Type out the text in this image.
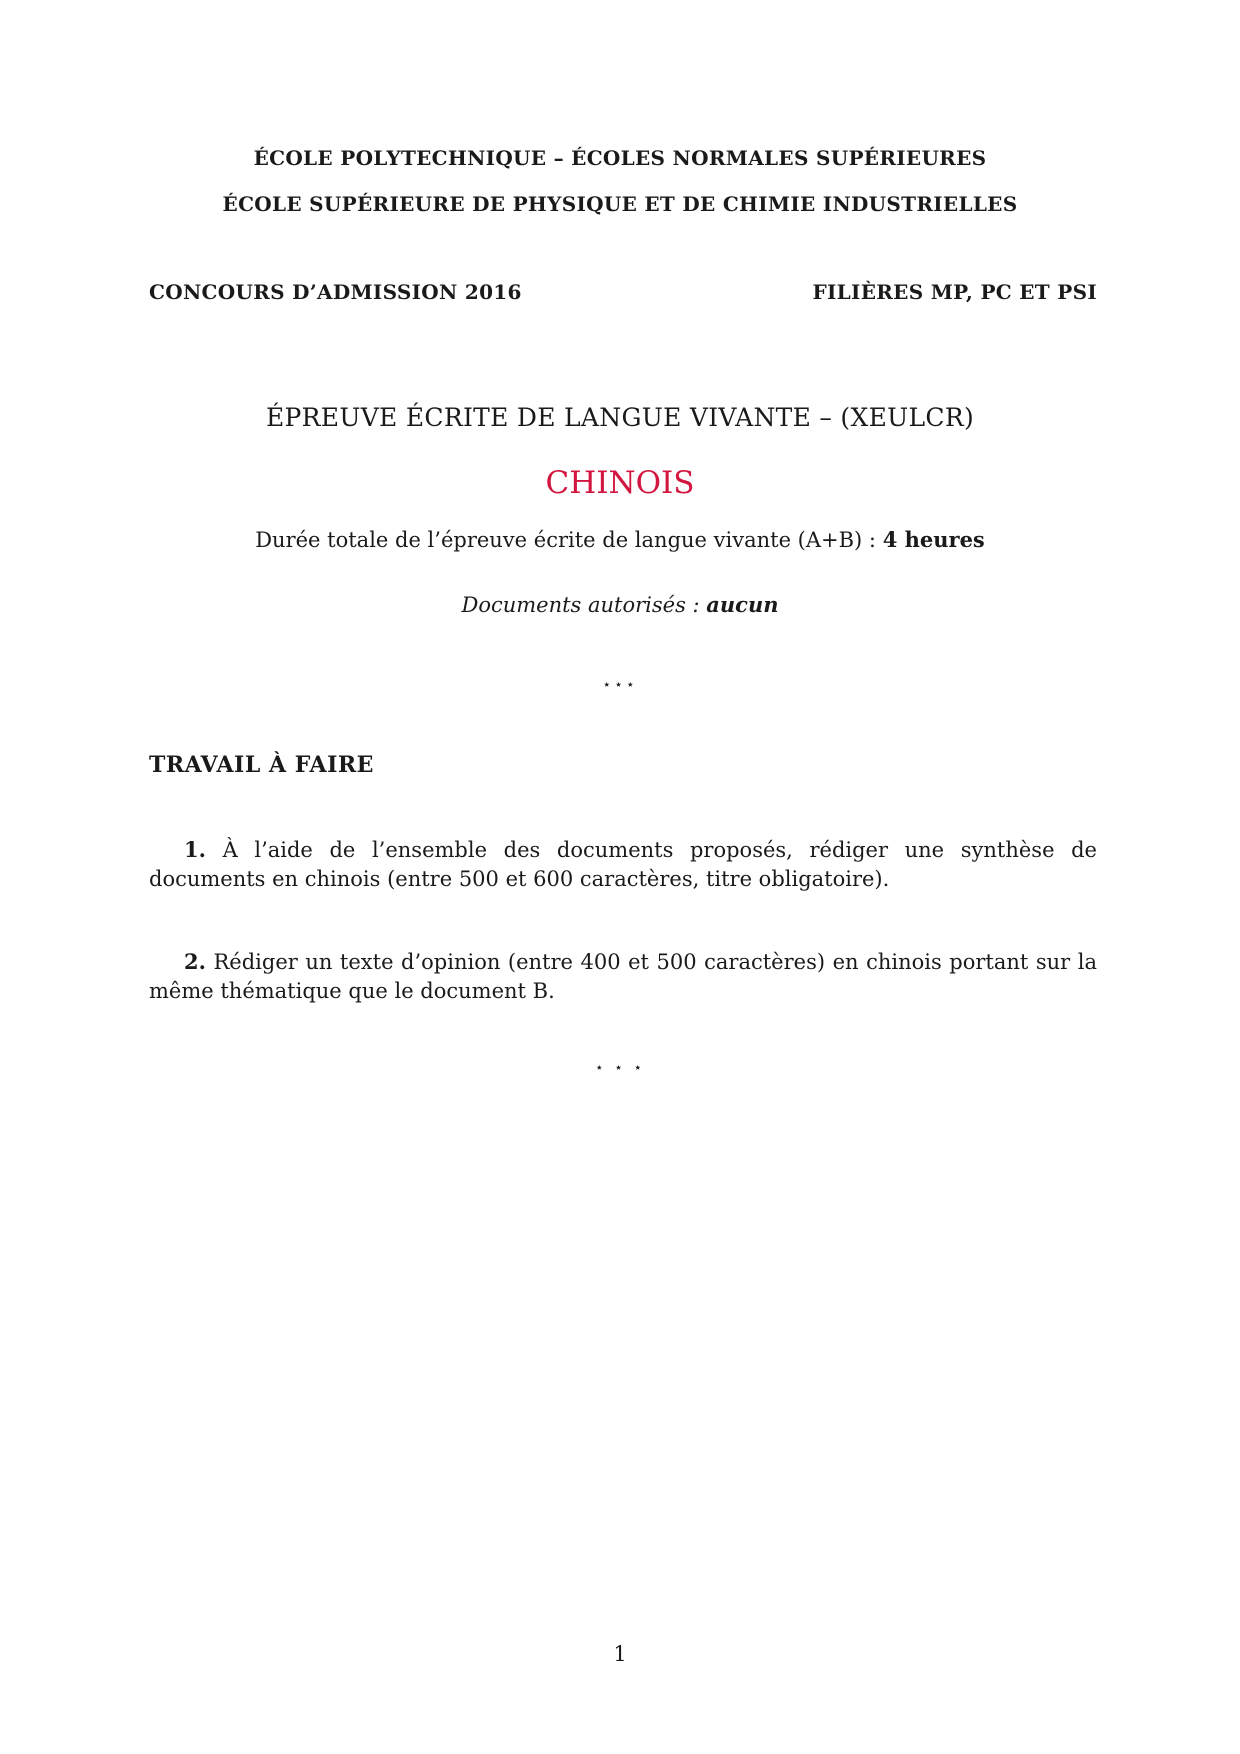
ÉCOLE POLYTECHNIQUE – ÉCOLES NORMALES SUPÉRIEURES
ÉCOLE SUPÉRIEURE DE PHYSIQUE ET DE CHIMIE INDUSTRIELLES
CONCOURS D’ADMISSION 2016	FILIÈRES MP, PC ET PSI
ÉPREUVE ÉCRITE DE LANGUE VIVANTE – (XEULCR)
CHINOIS
Durée totale de l’épreuve écrite de langue vivante (A+B) : 4 heures
Documents autorisés : aucun
⋆⋆⋆
TRAVAIL À FAIRE
1. À l’aide de l’ensemble des documents proposés, rédiger une synthèse de documents en chinois (entre 500 et 600 caractères, titre obligatoire).
2. Rédiger un texte d’opinion (entre 400 et 500 caractères) en chinois portant sur la même thématique que le document B.
⋆ ⋆ ⋆
1
